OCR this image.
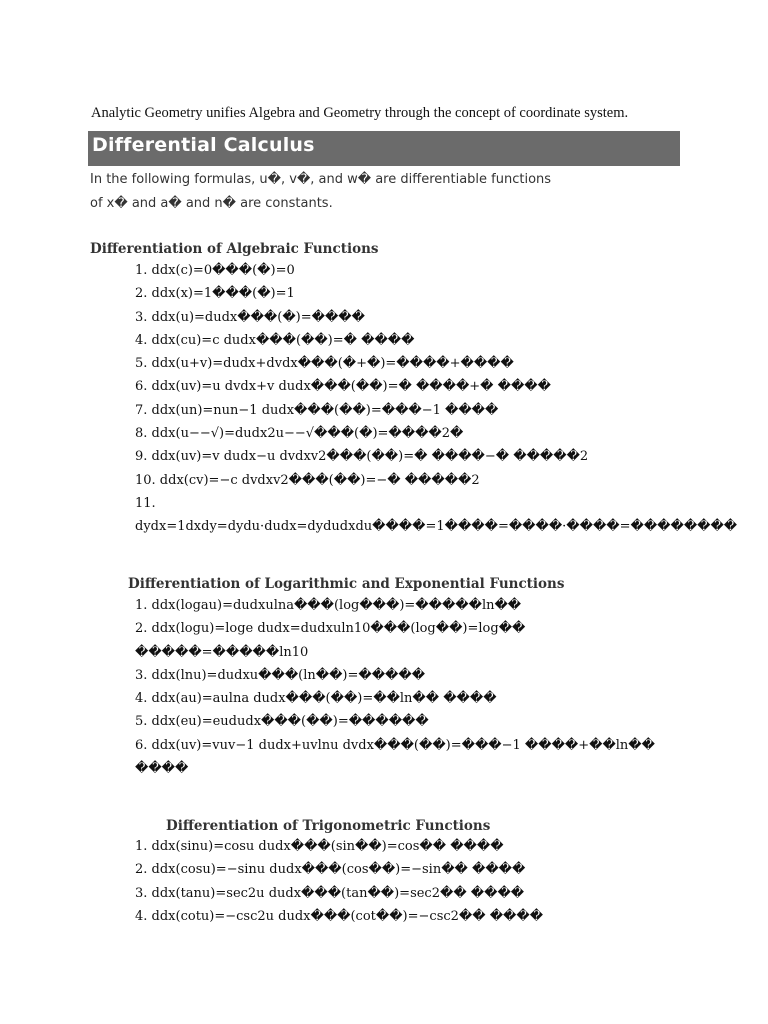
Analytic Geometry unifies Algebra and Geometry through the concept of coordinate system.
Differential Calculus
In the following formulas, u�, v�, and w� are differentiable functions
of x� and a� and n� are constants.
Differentiation of Algebraic Functions
1. ddx(c)=0���(�)=0
2. ddx(x)=1���(�)=1
3. ddx(u)=dudx���(�)=����
4. ddx(cu)=c dudx���(��)=� ����
5. ddx(u+v)=dudx+dvdx���(�+�)=����+����
6. ddx(uv)=u dvdx+v dudx���(��)=� ����+� ����
7. ddx(un)=nun−1 dudx���(��)=���−1 ����
8. ddx(u−−√)=dudx2u−−√���(�)=����2�
9. ddx(uv)=v dudx−u dvdxv2���(��)=� ����−� �����2
10. ddx(cv)=−c dvdxv2���(��)=−� �����2
11. dydx=1dxdy=dydu·dudx=dydudxdu����=1����=����·����=��������
Differentiation of Logarithmic and Exponential Functions
1. ddx(logau)=dudxulna���(log���)=�����ln��
2. ddx(logu)=loge dudx=dudxuln10���(log��)=log�� �����=�����ln10
3. ddx(lnu)=dudxu���(ln��)=�����
4. ddx(au)=aulna dudx���(��)=��ln�� ����
5. ddx(eu)=eududx���(��)=������
6. ddx(uv)=vuv−1 dudx+uvlnu dvdx���(��)=���−1 ����+��ln�� ����
Differentiation of Trigonometric Functions
1. ddx(sinu)=cosu dudx���(sin��)=cos�� ����
2. ddx(cosu)=−sinu dudx���(cos��)=−sin�� ����
3. ddx(tanu)=sec2u dudx���(tan��)=sec2�� ����
4. ddx(cotu)=−csc2u dudx���(cot��)=−csc2�� ����
